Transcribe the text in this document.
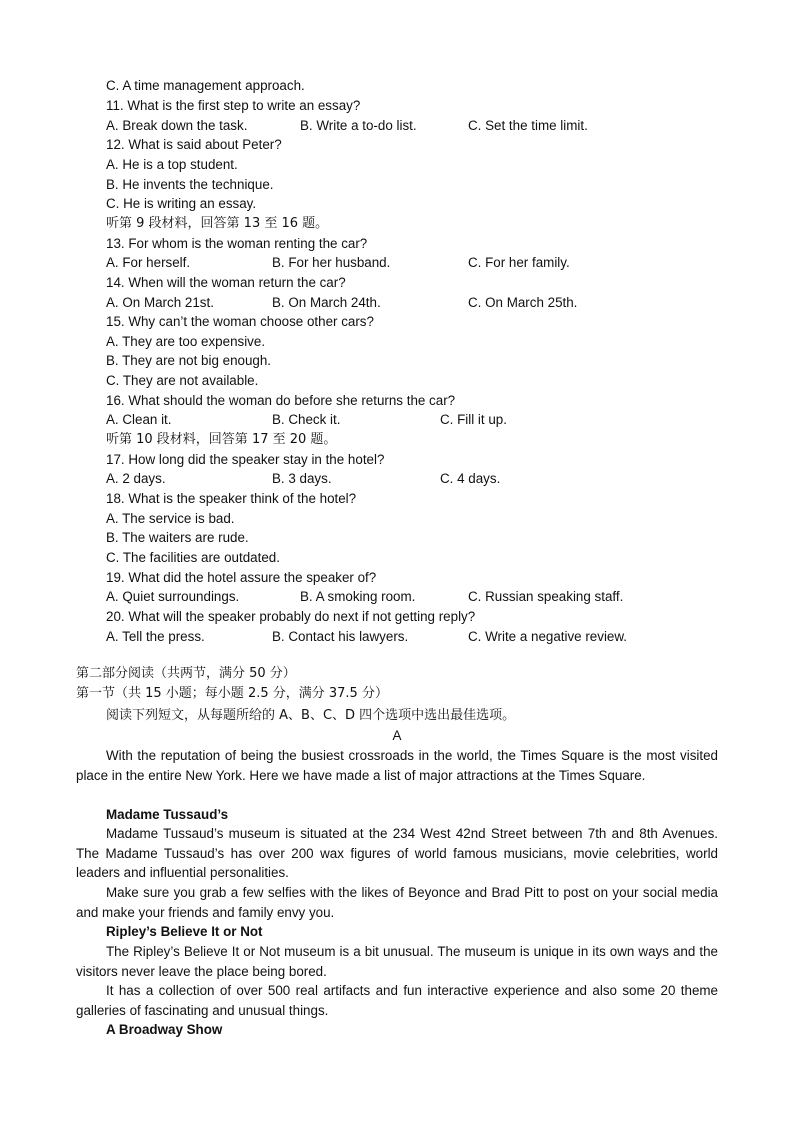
C. A time management approach.
11. What is the first step to write an essay?
A. Break down the task.	B. Write a to-do list.	C. Set the time limit.
12. What is said about Peter?
A. He is a top student.
B. He invents the technique.
C. He is writing an essay.
听第 9 段材料，回答第 13 至 16 题。
13. For whom is the woman renting the car?
A. For herself.	B. For her husband.	C. For her family.
14. When will the woman return the car?
A. On March 21st.	B. On March 24th.	C. On March 25th.
15. Why can’t the woman choose other cars?
A. They are too expensive.
B. They are not big enough.
C. They are not available.
16. What should the woman do before she returns the car?
A. Clean it.	B. Check it.	C. Fill it up.
听第 10 段材料，回答第 17 至 20 题。
17. How long did the speaker stay in the hotel?
A. 2 days.	B. 3 days.	C. 4 days.
18. What is the speaker think of the hotel?
A. The service is bad.
B. The waiters are rude.
C. The facilities are outdated.
19. What did the hotel assure the speaker of?
A. Quiet surroundings.	B. A smoking room.	C. Russian speaking staff.
20. What will the speaker probably do next if not getting reply?
A. Tell the press.	B. Contact his lawyers.	C. Write a negative review.
第二部分阅读（共两节，满分 50 分）
第一节（共 15 小题；每小题 2.5 分，满分 37.5 分）
阅读下列短文，从每题所给的 A、B、C、D 四个选项中选出最佳选项。
A
With the reputation of being the busiest crossroads in the world, the Times Square is the most visited place in the entire New York. Here we have made a list of major attractions at the Times Square.
Madame Tussaud’s
Madame Tussaud’s museum is situated at the 234 West 42nd Street between 7th and 8th Avenues. The Madame Tussaud’s has over 200 wax figures of world famous musicians, movie celebrities, world leaders and influential personalities.
Make sure you grab a few selfies with the likes of Beyonce and Brad Pitt to post on your social media and make your friends and family envy you.
Ripley’s Believe It or Not
The Ripley’s Believe It or Not museum is a bit unusual. The museum is unique in its own ways and the visitors never leave the place being bored.
It has a collection of over 500 real artifacts and fun interactive experience and also some 20 theme galleries of fascinating and unusual things.
A Broadway Show
